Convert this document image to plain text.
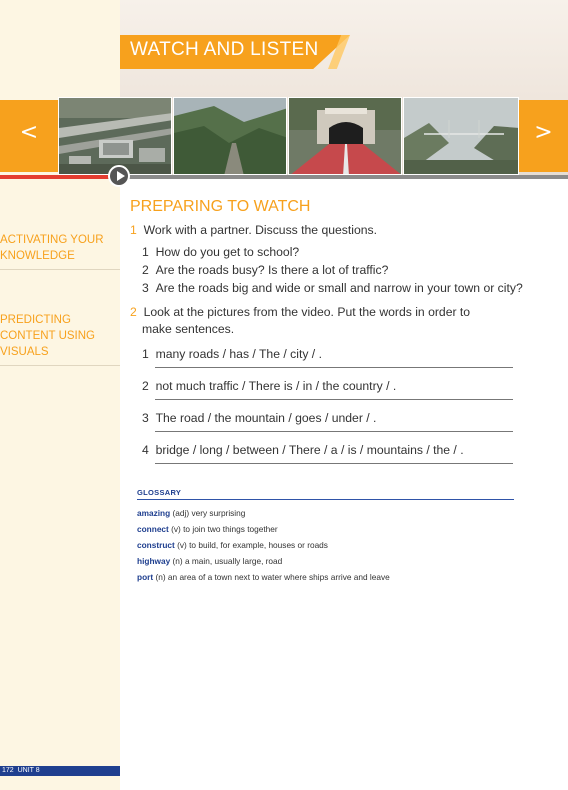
WATCH AND LISTEN
<	>
PREPARING TO WATCH
ACTIVATING YOUR
KNOWLEDGE
PREDICTING
CONTENT USING
VISUALS
1 Work with a partner. Discuss the questions.
1 How do you get to school?
2 Are the roads busy? Is there a lot of traffic?
3 Are the roads big and wide or small and narrow in your town or city?
2 Look at the pictures from the video. Put the words in order to
make sentences.
1 many roads / has / The / city / .
2 not much traffic / There is / in / the country / .
3 The road / the mountain / goes / under / .
4 bridge / long / between / There / a / is / mountains / the / .
GLOSSARY
amazing (adj) very surprising
connect (v) to join two things together
construct (v) to build, for example, houses or roads
highway (n) a main, usually large, road
port (n) an area of a town next to water where ships arrive and leave
172 UNIT 8
